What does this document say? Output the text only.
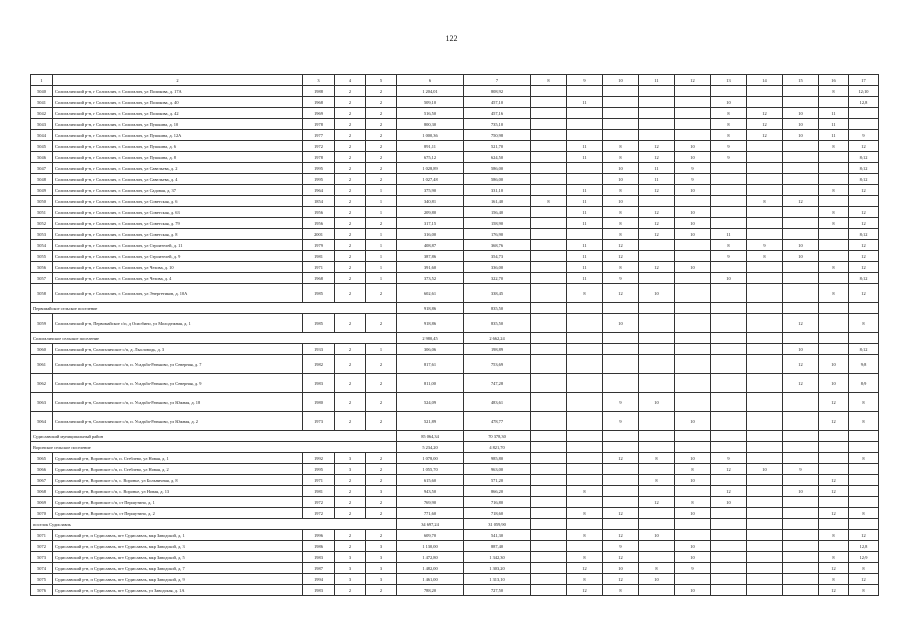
122
1	2	3	4	5	6	7	8	9	10	11	12	13	14	15	16	17
5040	Солигаличский р-н, г Солигалич, г. Солигалич, ул Поликова, д. 17А	1988	2	2	1 204,01	808,92									8	12;10
5041	Солигаличский р-н, г Солигалич, г. Солигалич, ул Поликова, д. 40	1968	2	2	509,10	457,10		11				10				12,8
5042	Солигаличский р-н, г Солигалич, г. Солигалич, ул Поликова, д. 42	1969	2	2	516,50	457,16						8	12	10	11	
5043	Солигаличский р-н, г Солигалич, г. Солигалич, ул Пушкина, д. 10	1978	2	2	800,30	735,10						8	12	10	11	
5044	Солигаличский р-н, г Солигалич, г. Солигалич, ул Пушкина, д. 12А	1977	2	2	1 000,36	750,98						8	12	10	11	9
5045	Солигаличский р-н, г Солигалич, г. Солигалич, ул Пушкина, д. 6	1972	2	2	891,11	521,70		11	8	12	10	9			8	12
5046	Солигаличский р-н, г Солигалич, г. Солигалич, ул Пушкина, д. 8	1978	2	2	675,12	624,50		11	8	12	10	9				8;12
5047	Солигаличский р-н, г Солигалич, г. Солигалич, ул Савельева, д. 2	1995	2	2	1 028,89	586,00			10	11	9					8;12
5048	Солигаличский р-н, г Солигалич, г. Солигалич, ул Савельева, д. 4	1995	2	2	1 027,48	586,00			10	11	9					8;12
5049	Солигаличский р-н, г Солигалич, г. Солигалич, ул Садовая, д. 37	1964	2	1	375,90	331,10		11	8	12	10				8	12
5050	Солигаличский р-н, г Солигалич, г. Солигалич, ул Советская, д. 6	1854	2	1	340,81	161,40	8	11	10				8	12		
5051	Солигаличский р-н, г Солигалич, г. Солигалич, ул Советская, д. 63	1956	2	1	209,80	156,40		11	8	12	10				8	12
5052	Солигаличский р-н, г Солигалич, г. Солигалич, ул Советская, д. 79	1956	2	2	317,15	158,90		11	8	12	10				8	12
5053	Солигаличский р-н, г Солигалич, г. Солигалич, ул Советская, д. 8	2001	2	1	316,00	176,90			8	12	10	11				8;12
5054	Солигаличский р-н, г Солигалич, г. Солигалич, ул Строителей, д. 11	1979	2	1	408,87	368,76		11	12			8	9	10		12
5055	Солигаличский р-н, г Солигалич, г. Солигалич, ул Строителей, д. 9	1981	2	1	387,86	354,73		11	12			9	8	10		12
5056	Солигаличский р-н, г Солигалич, г. Солигалич, ул Чехова, д. 10	1971	2	1	391,60	336,00		11	8	12	10				8	12
5057	Солигаличский р-н, г Солигалич, г. Солигалич, ул Чехова, д. 4	1968	2	1	373,52	322,70		11	9			10				8;12
5058	Солигаличский р-н, г Солигалич, г. Солигалич, ул Энергетиков, д. 10А	1985	2	2	602,61	338,45		8	12	10					8	12
Первомайское сельское поселение					918,86	835,50										
5059	Солигаличский р-н, Первомайское с/п, д Осиобино, ул Молодежная, д. 1	1985	2	2	918,86	835,50			10					12		8
Солигаличское сельское поселение					2 980,45	2 662,24										
5060	Солигаличский р-н, Солигаличское с/п, д. Лысловодь, д. 3	1933	2	1	306,06	198,89								10		8;12
5061	Солигаличский р-н, Солигаличское с/п, п. Усадьба-Ратьково, ул Северная, д. 7	1982	2	2	817,61	753,69								12	10	9;8
5062	Солигаличский р-н, Солигаличское с/п, п. Усадьба-Ратьково, ул Северная, д. 9	1983	2	2	811,00	747,28								12	10	8;9
5063	Солигаличский р-н, Солигаличское с/п, п. Усадьба-Ратьково, ул Южная, д. 18	1980	2	2	524,09	483,61			9	10					12	8
5064	Солигаличский р-н, Солигаличское с/п, п. Усадьба-Ратьково, ул Южная, д. 2	1973	2	2	521,89	478,77			9		10				12	8
Судиславский муниципальный район					85 064,34	70 378,30										
Воронское сельское поселение					5 234,20	4 821,70										
5065	Судиславский р-н, Воронское с/п, п. Стеблево, ул Новая, д. 1	1992	3	2	1 078,00	985,80			12	8	10	9				8
5066	Судиславский р-н, Воронское с/п, п. Стеблево, ул Новая, д. 2	1995	3	2	1 055,70	963,00					8	12	10	9		
5067	Судиславский р-н, Воронское с/п, с. Воронье, ул Больничная, д. 8	1971	2	2	615,60	571,20				8	10				12	
5068	Судиславский р-н, Воронское с/п, с. Воронье, ул Новая, д. 13	1981	2	3	943,50	866,20		8				12		10	12	
5069	Судиславский р-н, Воронское с/п, ст Першутино, д. 1	1972	2	2	769,90	716,80				12	8	10				
5070	Судиславский р-н, Воронское с/п, ст Першутино, д. 2	1972	2	2	771,60	718,60		8	12		10				12	8
поселок Судиславль					34 697,24	31 059,90										
5071	Судиславский р-н, п Судиславль, пгт Судиславль, мкр Заводской, д. 1	1996	2	2	609,70	541,30		8	12	10					8	12
5072	Судиславский р-н, п Судиславль, пгт Судиславль, мкр Заводской, д. 3	1986	2	3	1 130,00	887,40			9		10					12,8
5073	Судиславский р-н, п Судиславль, пгт Судиславль, мкр Заводской, д. 5	1983	3	3	1 472,80	1 342,30		8	12		10				8	12;9
5074	Судиславский р-н, п Судиславль, пгт Судиславль, мкр Заводской, д. 7	1987	3	3	1 482,00	1 303,20		12	10	8	9				12	8
5075	Судиславский р-н, п Судиславль, пгт Судиславль, мкр Заводской, д. 9	1994	3	3	1 461,00	1 313,10		8	12	10					8	12
5076	Судиславский р-н, п Судиславль, пгт Судиславль, ул Заводская, д. 1А	1983	2	2	788,20	727,50		12	8		10				12	8
